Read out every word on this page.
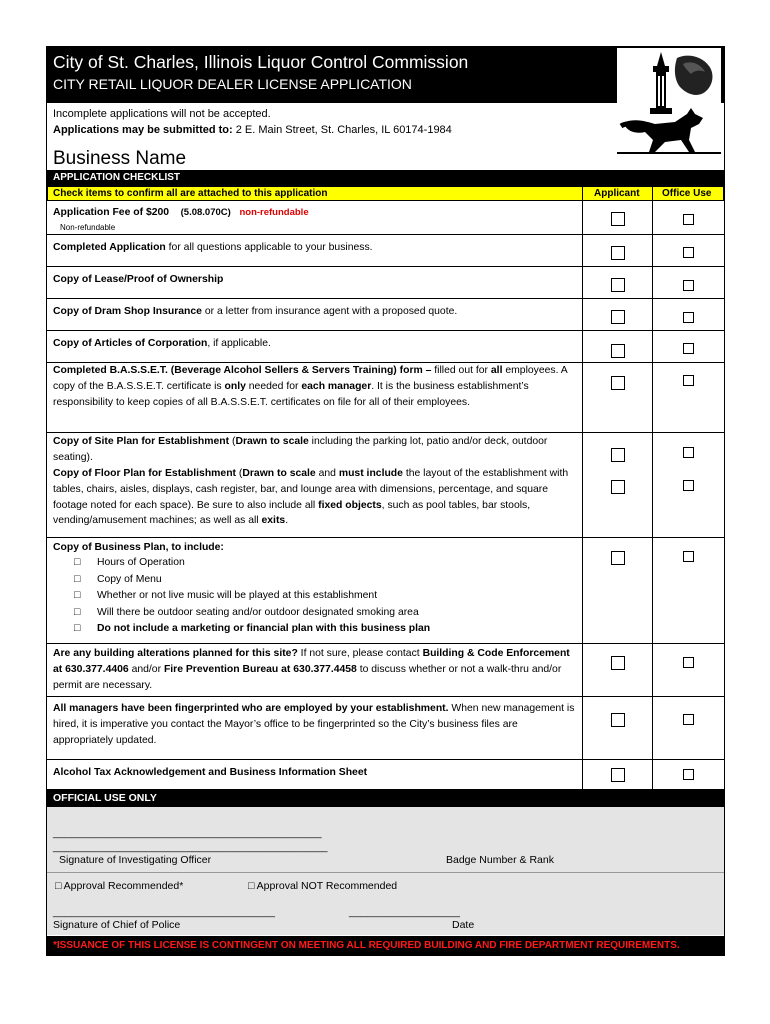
City of St. Charles, Illinois Liquor Control Commission
CITY RETAIL LIQUOR DEALER LICENSE APPLICATION
Incomplete applications will not be accepted.
Applications may be submitted to: 2 E. Main Street, St. Charles, IL 60174-1984
Business Name
APPLICATION CHECKLIST
Check items to confirm all are attached to this application	Applicant Office Use
Application Fee of $200 (5.08.070C) non-refundable
Non-refundable
Completed Application for all questions applicable to your business.
Copy of Lease/Proof of Ownership
Copy of Dram Shop Insurance or a letter from insurance agent with a proposed quote.
Copy of Articles of Corporation, if applicable.
Completed B.A.S.S.E.T. (Beverage Alcohol Sellers & Servers Training) form – filled out for all employees. A copy of the B.A.S.S.E.T. certificate is only needed for each manager. It is the business establishment’s responsibility to keep copies of all B.A.S.S.E.T. certificates on file for all of their employees.
Copy of Site Plan for Establishment (Drawn to scale including the parking lot, patio and/or deck, outdoor seating).
Copy of Floor Plan for Establishment (Drawn to scale and must include the layout of the establishment with tables, chairs, aisles, displays, cash register, bar, and lounge area with dimensions, percentage, and square footage noted for each space). Be sure to also include all fixed objects, such as pool tables, bar stools, vending/amusement machines; as well as all exits.
Copy of Business Plan, to include:
□ Hours of Operation
□ Copy of Menu
□ Whether or not live music will be played at this establishment
□ Will there be outdoor seating and/or outdoor designated smoking area
□ Do not include a marketing or financial plan with this business plan
Are any building alterations planned for this site? If not sure, please contact Building & Code Enforcement at 630.377.4406 and/or Fire Prevention Bureau at 630.377.4458 to discuss whether or not a walk-thru and/or permit are necessary.
All managers have been fingerprinted who are employed by your establishment. When new management is hired, it is imperative you contact the Mayor’s office to be fingerprinted so the City’s business files are appropriately updated.
Alcohol Tax Acknowledgement and Business Information Sheet
OFFICIAL USE ONLY
______________________________________________
_______________________________________________
Signature of Investigating Officer	Badge Number & Rank
□ Approval Recommended*	□ Approval NOT Recommended
______________________________________	___________________
Signature of Chief of Police	Date
*ISSUANCE OF THIS LICENSE IS CONTINGENT ON MEETING ALL REQUIRED BUILDING AND FIRE DEPARTMENT REQUIREMENTS.
